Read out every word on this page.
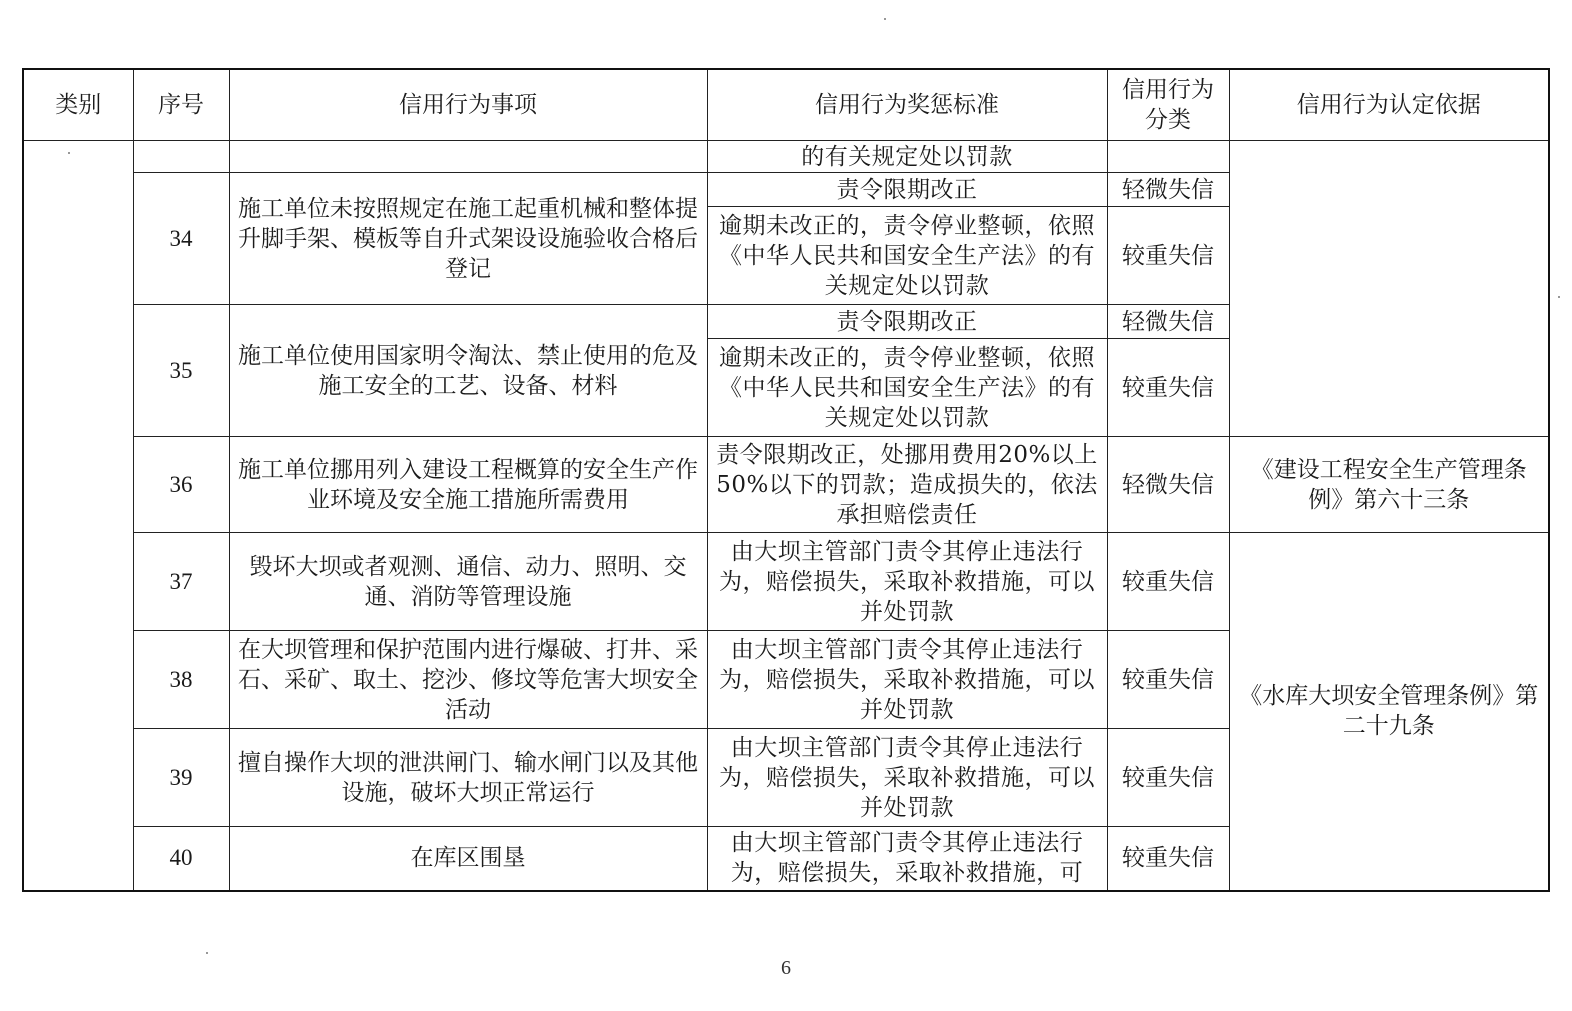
类别	序号	信用行为事项	信用行为奖惩标准	信用行为分类	信用行为认定依据
			的有关规定处以罚款		
	34	施工单位未按照规定在施工起重机械和整体提升脚手架、模板等自升式架设设施验收合格后登记	责令限期改正	轻微失信	
			逾期未改正的，责令停业整顿，依照《中华人民共和国安全生产法》的有关规定处以罚款	较重失信	
	35	施工单位使用国家明令淘汰、禁止使用的危及施工安全的工艺、设备、材料	责令限期改正	轻微失信	
			逾期未改正的，责令停业整顿，依照《中华人民共和国安全生产法》的有关规定处以罚款	较重失信	
	36	施工单位挪用列入建设工程概算的安全生产作业环境及安全施工措施所需费用	责令限期改正，处挪用费用20%以上50%以下的罚款；造成损失的，依法承担赔偿责任	轻微失信	《建设工程安全生产管理条例》第六十三条
	37	毁坏大坝或者观测、通信、动力、照明、交通、消防等管理设施	由大坝主管部门责令其停止违法行为，赔偿损失，采取补救措施，可以并处罚款	较重失信	《水库大坝安全管理条例》第二十九条
	38	在大坝管理和保护范围内进行爆破、打井、采石、采矿、取土、挖沙、修坟等危害大坝安全活动	由大坝主管部门责令其停止违法行为，赔偿损失，采取补救措施，可以并处罚款	较重失信	
	39	擅自操作大坝的泄洪闸门、输水闸门以及其他设施，破坏大坝正常运行	由大坝主管部门责令其停止违法行为，赔偿损失，采取补救措施，可以并处罚款	较重失信	
	40	在库区围垦	由大坝主管部门责令其停止违法行为，赔偿损失，采取补救措施，可	较重失信	
6
